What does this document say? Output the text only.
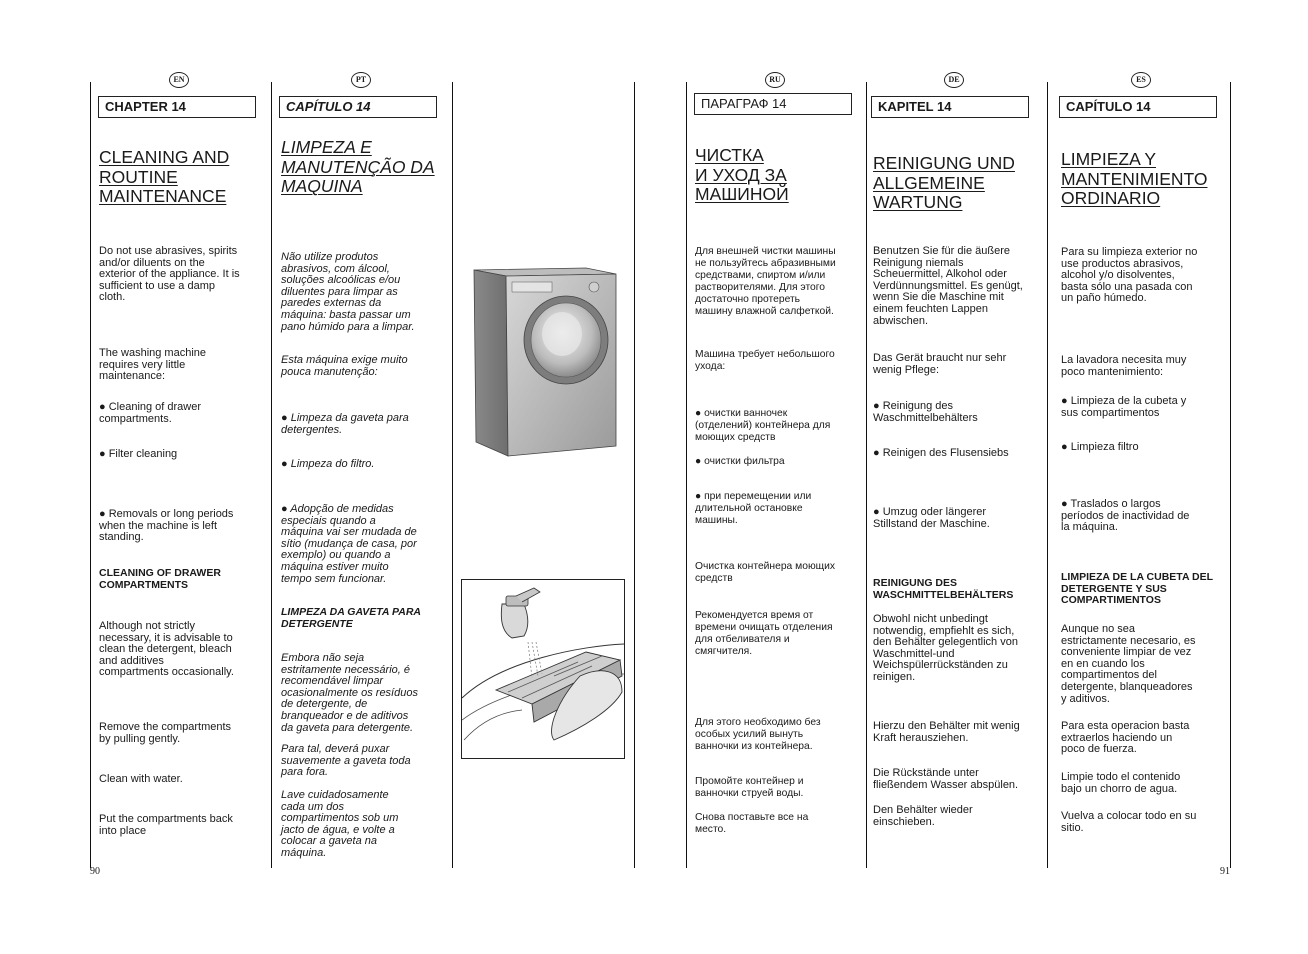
EN
CHAPTER 14
CLEANING AND
ROUTINE
MAINTENANCE
Do not use abrasives, spirits
and/or diluents on the
exterior of the appliance. It is
sufficient to use a damp
cloth.
The washing machine
requires very little
maintenance:
● Cleaning of drawer
compartments.
● Filter cleaning
● Removals or long periods
when the machine is left
standing.
CLEANING OF DRAWER
COMPARTMENTS
Although not strictly
necessary, it is advisable to
clean the detergent, bleach
and additives
compartments occasionally.
Remove the compartments
by pulling gently.
Clean with water.
Put the compartments back
into place
PT
CAPÍTULO 14
LIMPEZA E
MANUTENÇÃO DA
MAQUINA
Não utilize produtos
abrasivos, com álcool,
soluções alcoólicas e/ou
diluentes para limpar as
paredes externas da
máquina: basta passar um
pano húmido para a limpar.
Esta máquina exige muito
pouca manutenção:
● Limpeza da gaveta para
detergentes.
● Limpeza do filtro.
● Adopção de medidas
especiais quando a
máquina vai ser mudada de
sítio (mudança de casa, por
exemplo) ou quando a
máquina estiver muito
tempo sem funcionar.
LIMPEZA DA GAVETA PARA
DETERGENTE
Embora não seja
estritamente necessário, é
recomendável limpar
ocasionalmente os resíduos
de detergente, de
branqueador e de aditivos
da gaveta para detergente.
Para tal, deverá puxar
suavemente a gaveta toda
para fora.
Lave cuidadosamente
cada um dos
compartimentos sob um
jacto de água, e volte a
colocar a gaveta na
máquina.
RU
ПАРАГРАФ 14
ЧИСТКА
И УХОД ЗА
МАШИНОЙ
Для внешней чистки машины
не пользуйтесь абразивными
средствами, спиртом и/или
растворителями. Для этого
достаточно протереть
машину влажной салфеткой.
Машина требует небольшого
ухода:
● очистки ванночек
(отделений) контейнера для
моющих средств
● очистки фильтра
● при перемещении или
длительной остановке
машины.
Очистка контейнера моющих
средств
Рекомендуется время от
времени очищать отделения
для отбеливателя и
смягчителя.
Для этого необходимо без
особых усилий вынуть
ванночки из контейнера.
Промойте контейнер и
ванночки струей воды.
Снова поставьте все на
место.
DE
KAPITEL 14
REINIGUNG UND
ALLGEMEINE
WARTUNG
Benutzen Sie für die äußere
Reinigung niemals
Scheuermittel, Alkohol oder
Verdünnungsmittel. Es genügt,
wenn Sie die Maschine mit
einem feuchten Lappen
abwischen.
Das Gerät braucht nur sehr
wenig Pflege:
● Reinigung des
Waschmittelbehälters
● Reinigen des Flusensiebs
● Umzug oder längerer
Stillstand der Maschine.
REINIGUNG DES
WASCHMITTELBEHÄLTERS
Obwohl nicht unbedingt
notwendig, empfiehlt es sich,
den Behälter gelegentlich von
Waschmittel-und
Weichspülerrückständen zu
reinigen.
Hierzu den Behälter mit wenig
Kraft herausziehen.
Die Rückstände unter
fließendem Wasser abspülen.
Den Behälter wieder
einschieben.
ES
CAPÍTULO 14
LIMPIEZA Y
MANTENIMIENTO
ORDINARIO
Para su limpieza exterior no
use productos abrasivos,
alcohol y/o disolventes,
basta sólo una pasada con
un paño húmedo.
La lavadora necesita muy
poco mantenimiento:
● Limpieza de la cubeta y
sus compartimentos
● Limpieza filtro
● Traslados o largos
períodos de inactividad de
la máquina.
LIMPIEZA DE LA CUBETA DEL
DETERGENTE Y SUS
COMPARTIMENTOS
Aunque no sea
estrictamente necesario, es
conveniente limpiar de vez
en en cuando los
compartimentos del
detergente, blanqueadores
y aditivos.
Para esta operacion basta
extraerlos haciendo un
poco de fuerza.
Limpie todo el contenido
bajo un chorro de agua.
Vuelva a colocar todo en su
sitio.
90	91
